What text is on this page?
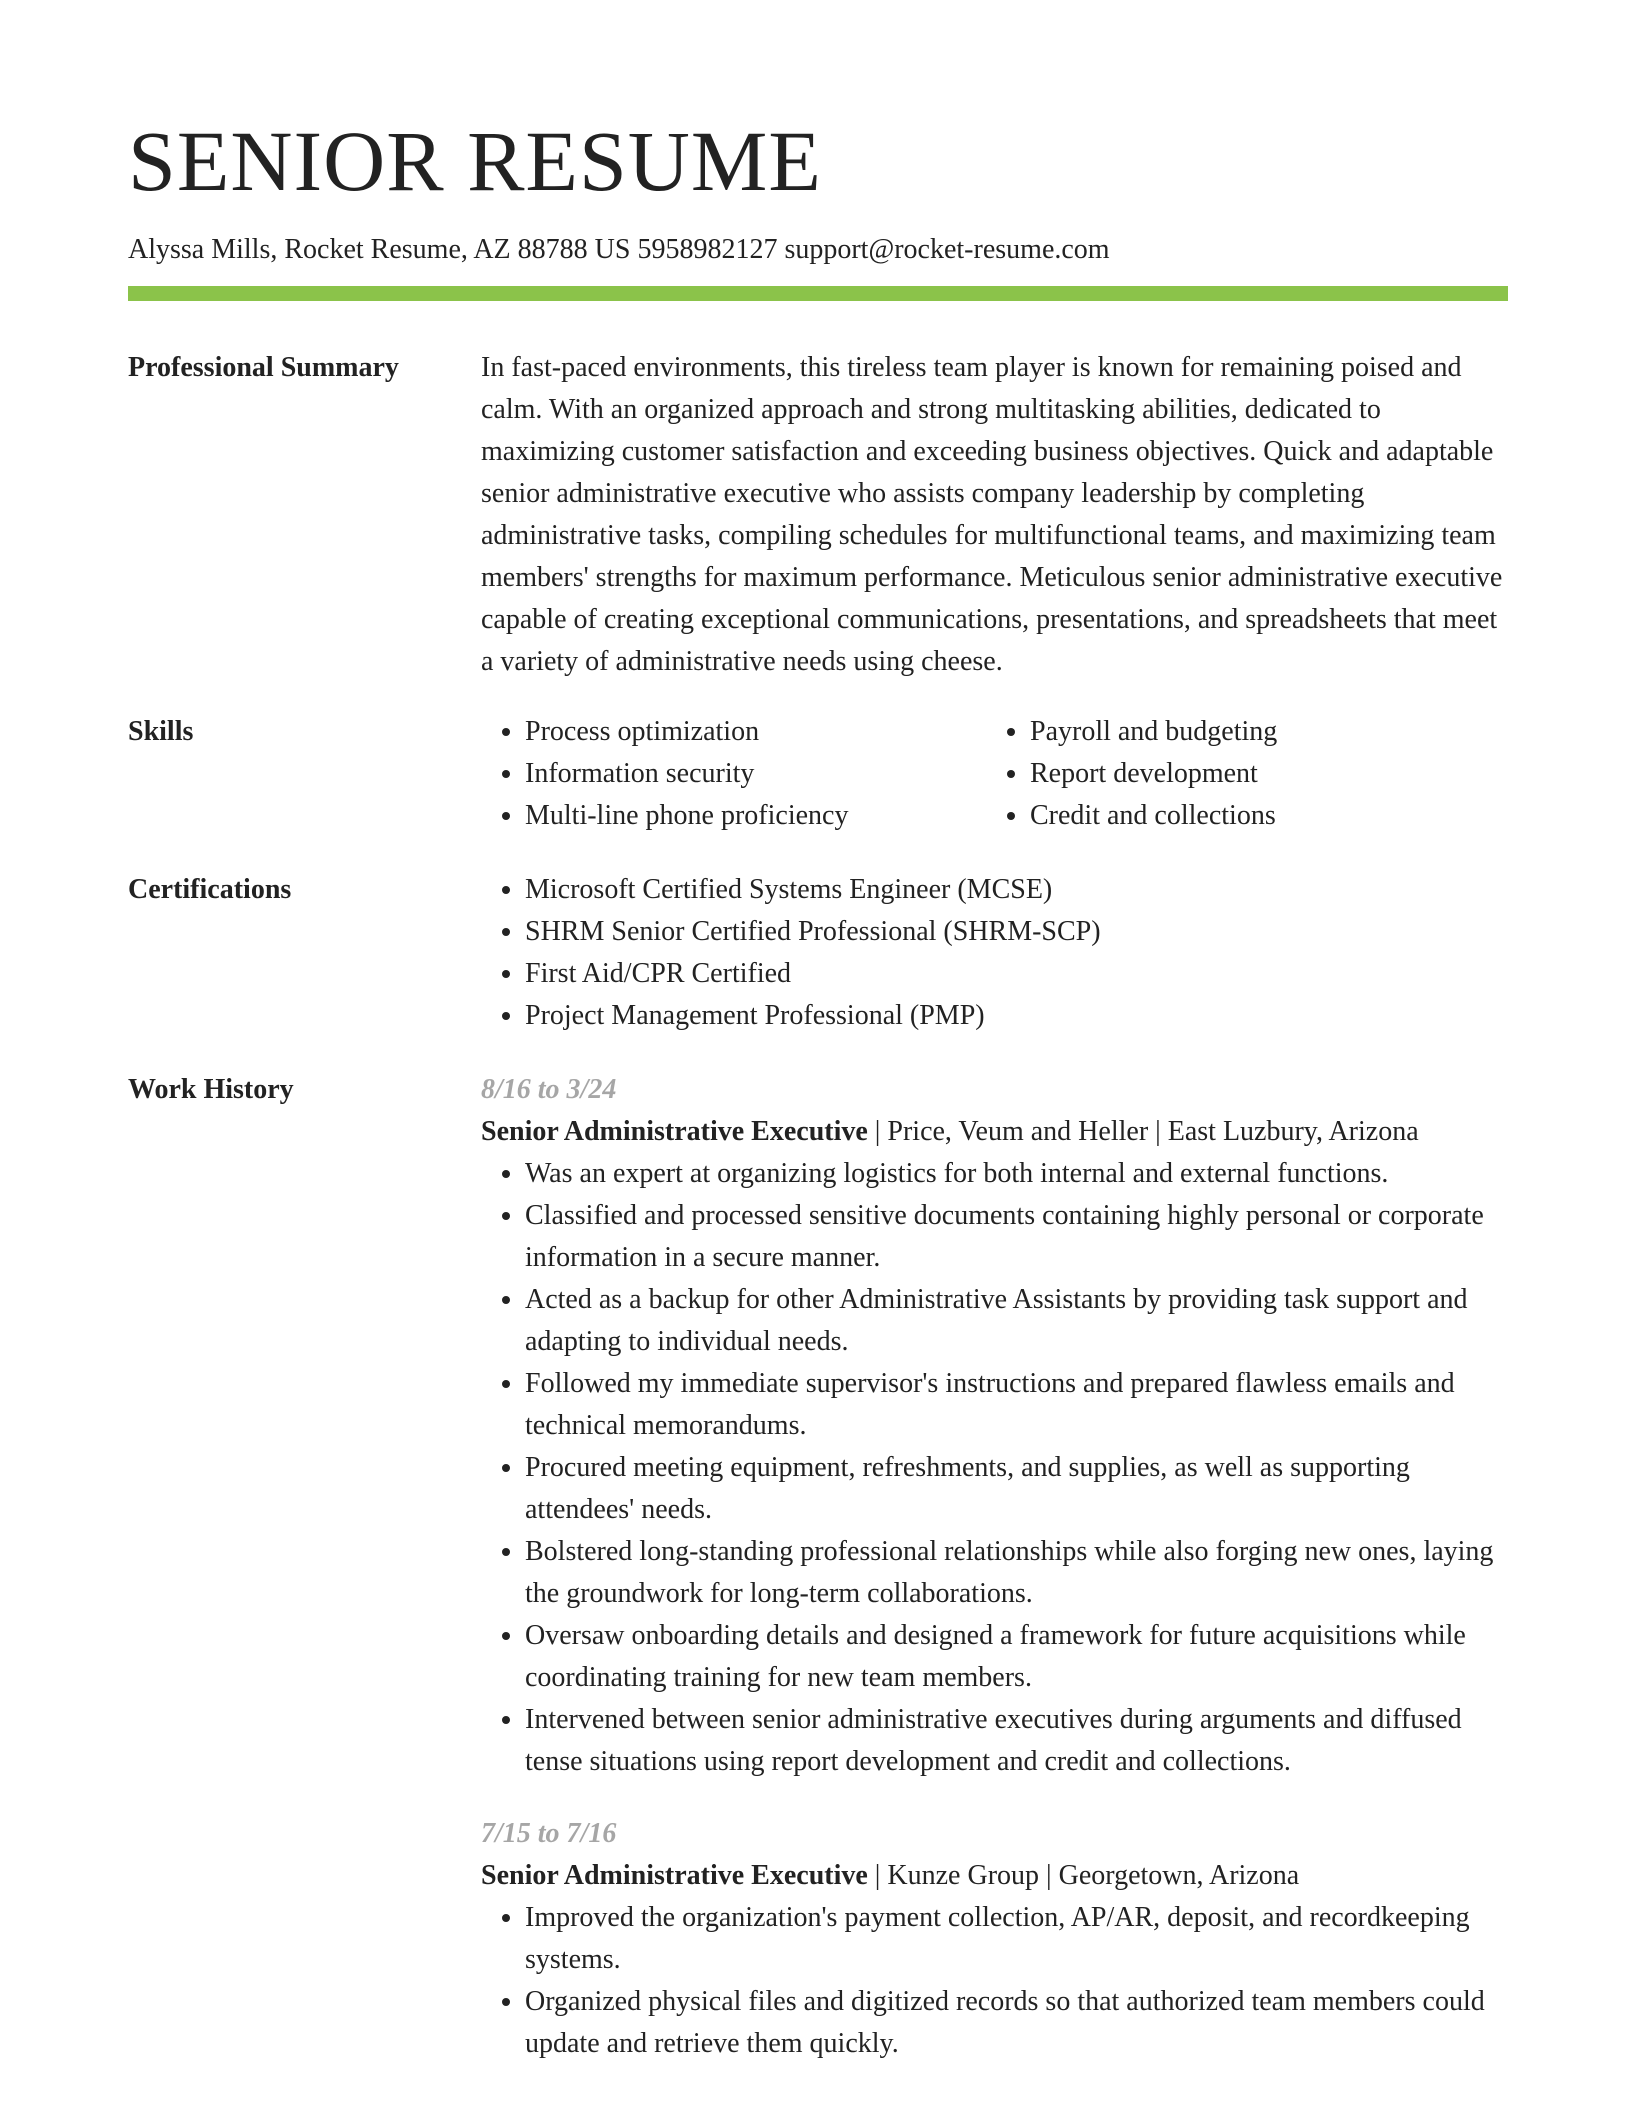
SENIOR RESUME
Alyssa Mills, Rocket Resume, AZ 88788 US 5958982127 support@rocket-resume.com
Professional Summary	In fast-paced environments, this tireless team player is known for remaining poised and calm. With an organized approach and strong multitasking abilities, dedicated to maximizing customer satisfaction and exceeding business objectives. Quick and adaptable senior administrative executive who assists company leadership by completing administrative tasks, compiling schedules for multifunctional teams, and maximizing team members' strengths for maximum performance. Meticulous senior administrative executive capable of creating exceptional communications, presentations, and spreadsheets that meet a variety of administrative needs using cheese.

Skills	• Process optimization
• Information security
• Multi-line phone proficiency
• Payroll and budgeting
• Report development
• Credit and collections
Certifications	• Microsoft Certified Systems Engineer (MCSE)
• SHRM Senior Certified Professional (SHRM-SCP)
• First Aid/CPR Certified
• Project Management Professional (PMP)
Work History	8/16 to 3/24
Senior Administrative Executive | Price, Veum and Heller | East Luzbury, Arizona
• Was an expert at organizing logistics for both internal and external functions.
• Classified and processed sensitive documents containing highly personal or corporate information in a secure manner.
• Acted as a backup for other Administrative Assistants by providing task support and adapting to individual needs.
• Followed my immediate supervisor's instructions and prepared flawless emails and technical memorandums.
• Procured meeting equipment, refreshments, and supplies, as well as supporting attendees' needs.
• Bolstered long-standing professional relationships while also forging new ones, laying the groundwork for long-term collaborations.
• Oversaw onboarding details and designed a framework for future acquisitions while coordinating training for new team members.
• Intervened between senior administrative executives during arguments and diffused tense situations using report development and credit and collections.
7/15 to 7/16
Senior Administrative Executive | Kunze Group | Georgetown, Arizona
• Improved the organization's payment collection, AP/AR, deposit, and recordkeeping systems.
• Organized physical files and digitized records so that authorized team members could update and retrieve them quickly.
